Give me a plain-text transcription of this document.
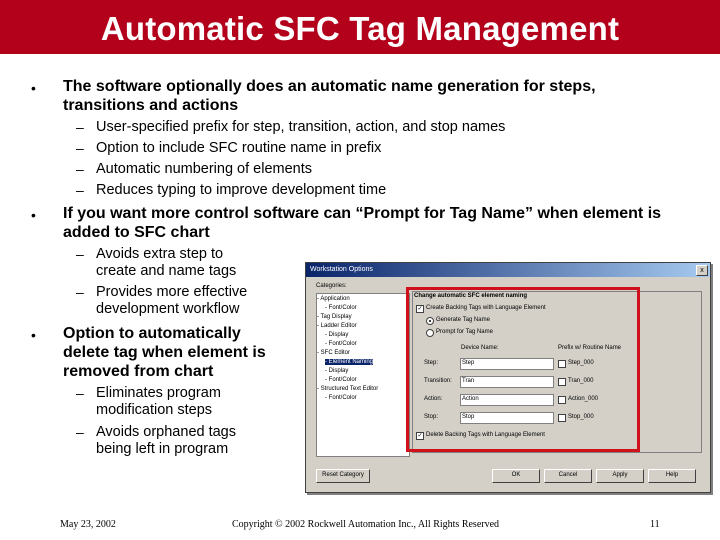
Automatic SFC Tag Management
• The software optionally does an automatic name generation for steps,
transitions and actions
– User-specified prefix for step, transition, action, and stop names
– Option to include SFC routine name in prefix
– Automatic numbering of elements
– Reduces typing to improve development time
• If you want more control software can “Prompt for Tag Name” when element is
added to SFC chart
– Avoids extra step to
create and name tags
– Provides more effective
development workflow
• Option to automatically
delete tag when element is
removed from chart
– Eliminates program
modification steps
– Avoids orphaned tags
being left in program
Workstation Options	x
Categories:
- Application
- Font/Color
- Tag Display
- Ladder Editor
- Display
- Font/Color
- SFC Editor
- Element Naming
- Display
- Font/Color
- Structured Text Editor
- Font/Color
Change automatic SFC element naming
✓ Create Backing Tags with Language Element
Generate Tag Name
Prompt for Tag Name
Device Name:	Prefix w/ Routine Name
Step:	Step	Step_000
Transition: Tran	Tran_000
Action:	Action	Action_000
Stop:	Stop	Stop_000
✓ Delete Backing Tags with Language Element
Reset Category	OK	Cancel	Apply	Help
May 23, 2002	Copyright © 2002 Rockwell Automation Inc., All Rights Reserved	11
